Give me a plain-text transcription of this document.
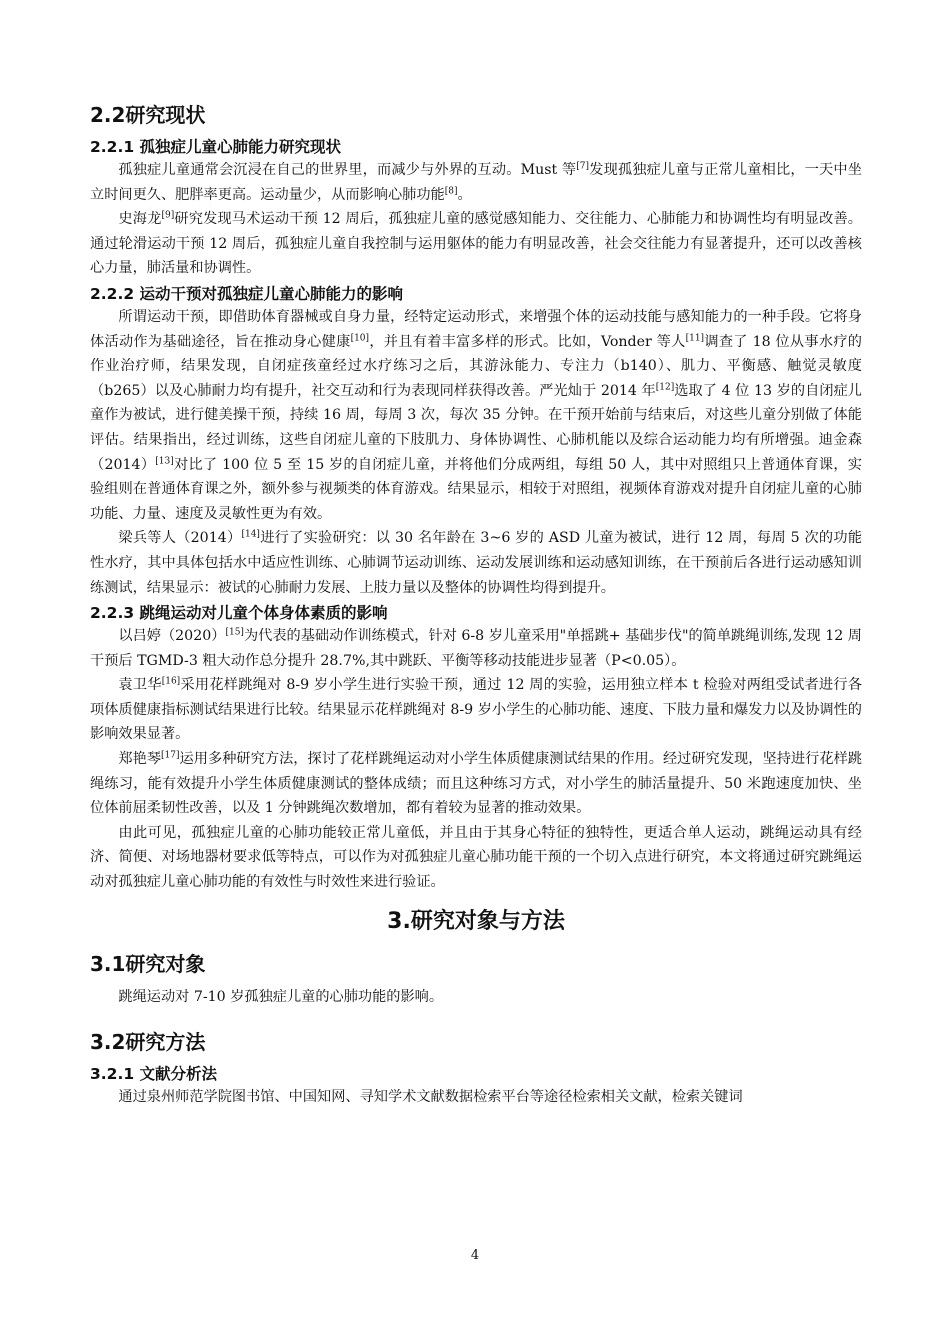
2.2研究现状
2.2.1 孤独症儿童心肺能力研究现状

孤独症儿童通常会沉浸在自己的世界里，而减少与外界的互动。Must 等[7]发现孤独症儿童与正常儿童相比，一天中坐立时间更久、肥胖率更高。运动量少，从而影响心肺功能[8]。

史海龙[9]研究发现马术运动干预 12 周后，孤独症儿童的感觉感知能力、交往能力、心肺能力和协调性均有明显改善。通过轮滑运动干预 12 周后，孤独症儿童自我控制与运用躯体的能力有明显改善，社会交往能力有显著提升，还可以改善核心力量，肺活量和协调性。

2.2.2 运动干预对孤独症儿童心肺能力的影响

所谓运动干预，即借助体育器械或自身力量，经特定运动形式，来增强个体的运动技能与感知能力的一种手段。它将身体活动作为基础途径，旨在推动身心健康[10]，并且有着丰富多样的形式。比如，Vonder 等人[11]调查了 18 位从事水疗的作业治疗师，结果发现，自闭症孩童经过水疗练习之后，其游泳能力、专注力（b140）、肌力、平衡感、触觉灵敏度（b265）以及心肺耐力均有提升，社交互动和行为表现同样获得改善。严光灿于 2014 年[12]选取了 4 位 13 岁的自闭症儿童作为被试，进行健美操干预，持续 16 周，每周 3 次，每次 35 分钟。在干预开始前与结束后，对这些儿童分别做了体能评估。结果指出，经过训练，这些自闭症儿童的下肢肌力、身体协调性、心肺机能以及综合运动能力均有所增强。迪金森（2014）[13]对比了 100 位 5 至 15 岁的自闭症儿童，并将他们分成两组，每组 50 人，其中对照组只上普通体育课，实验组则在普通体育课之外，额外参与视频类的体育游戏。结果显示，相较于对照组，视频体育游戏对提升自闭症儿童的心肺功能、力量、速度及灵敏性更为有效。

梁兵等人（2014）[14]进行了实验研究：以 30 名年龄在 3~6 岁的 ASD 儿童为被试，进行 12 周，每周 5 次的功能性水疗，其中具体包括水中适应性训练、心肺调节运动训练、运动发展训练和运动感知训练，在干预前后各进行运动感知训练测试，结果显示：被试的心肺耐力发展、上肢力量以及整体的协调性均得到提升。

2.2.3 跳绳运动对儿童个体身体素质的影响

以吕婷（2020）[15]为代表的基础动作训练模式，针对 6-8 岁儿童采用"单摇跳+ 基础步伐"的简单跳绳训练,发现 12 周干预后 TGMD-3 粗大动作总分提升 28.7%,其中跳跃、平衡等移动技能进步显著（P<0.05）。

袁卫华[16]采用花样跳绳对 8-9 岁小学生进行实验干预，通过 12 周的实验，运用独立样本 t 检验对两组受试者进行各项体质健康指标测试结果进行比较。结果显示花样跳绳对 8-9 岁小学生的心肺功能、速度、下肢力量和爆发力以及协调性的影响效果显著。

郑艳琴[17]运用多种研究方法，探讨了花样跳绳运动对小学生体质健康测试结果的作用。经过研究发现，坚持进行花样跳绳练习，能有效提升小学生体质健康测试的整体成绩；而且这种练习方式，对小学生的肺活量提升、50 米跑速度加快、坐位体前屈柔韧性改善，以及 1 分钟跳绳次数增加，都有着较为显著的推动效果。

由此可见，孤独症儿童的心肺功能较正常儿童低，并且由于其身心特征的独特性，更适合单人运动，跳绳运动具有经济、简便、对场地器材要求低等特点，可以作为对孤独症儿童心肺功能干预的一个切入点进行研究，本文将通过研究跳绳运动对孤独症儿童心肺功能的有效性与时效性来进行验证。

3.研究对象与方法
3.1研究对象

跳绳运动对 7-10 岁孤独症儿童的心肺功能的影响。

3.2研究方法
3.2.1 文献分析法

通过泉州师范学院图书馆、中国知网、寻知学术文献数据检索平台等途径检索相关文献，检索关键词

4
